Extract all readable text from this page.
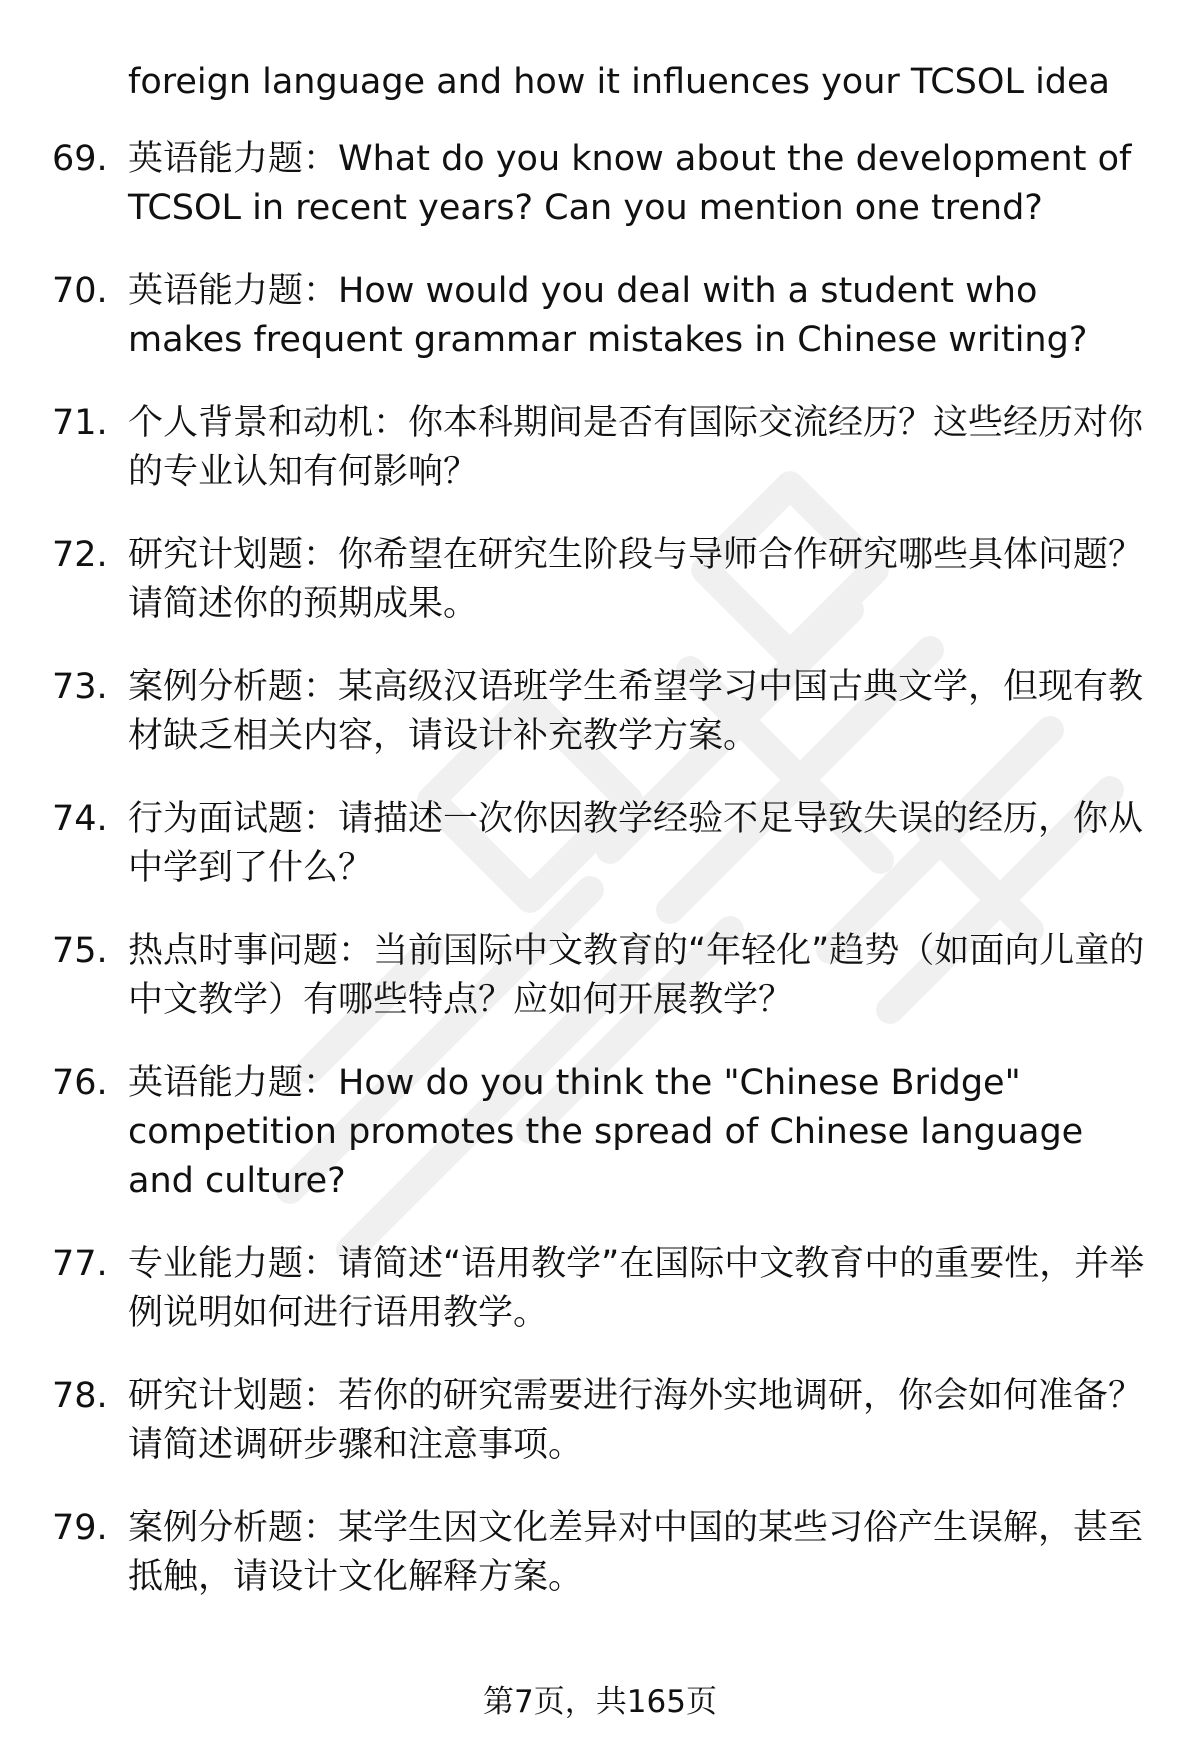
foreign language and how it influences your TCSOL idea
69. 英语能力题：What do you know about the development of TCSOL in recent years? Can you mention one trend?
70. 英语能力题：How would you deal with a student who makes frequent grammar mistakes in Chinese writing?
71. 个人背景和动机：你本科期间是否有国际交流经历？这些经历对你的专业认知有何影响？
72. 研究计划题：你希望在研究生阶段与导师合作研究哪些具体问题？请简述你的预期成果。
73. 案例分析题：某高级汉语班学生希望学习中国古典文学，但现有教材缺乏相关内容，请设计补充教学方案。
74. 行为面试题：请描述一次你因教学经验不足导致失误的经历，你从中学到了什么？
75. 热点时事问题：当前国际中文教育的“年轻化”趋势（如面向儿童的中文教学）有哪些特点？应如何开展教学？
76. 英语能力题：How do you think the "Chinese Bridge" competition promotes the spread of Chinese language and culture?
77. 专业能力题：请简述“语用教学”在国际中文教育中的重要性，并举例说明如何进行语用教学。
78. 研究计划题：若你的研究需要进行海外实地调研，你会如何准备？请简述调研步骤和注意事项。
79. 案例分析题：某学生因文化差异对中国的某些习俗产生误解，甚至抵触，请设计文化解释方案。
第7页，共165页
